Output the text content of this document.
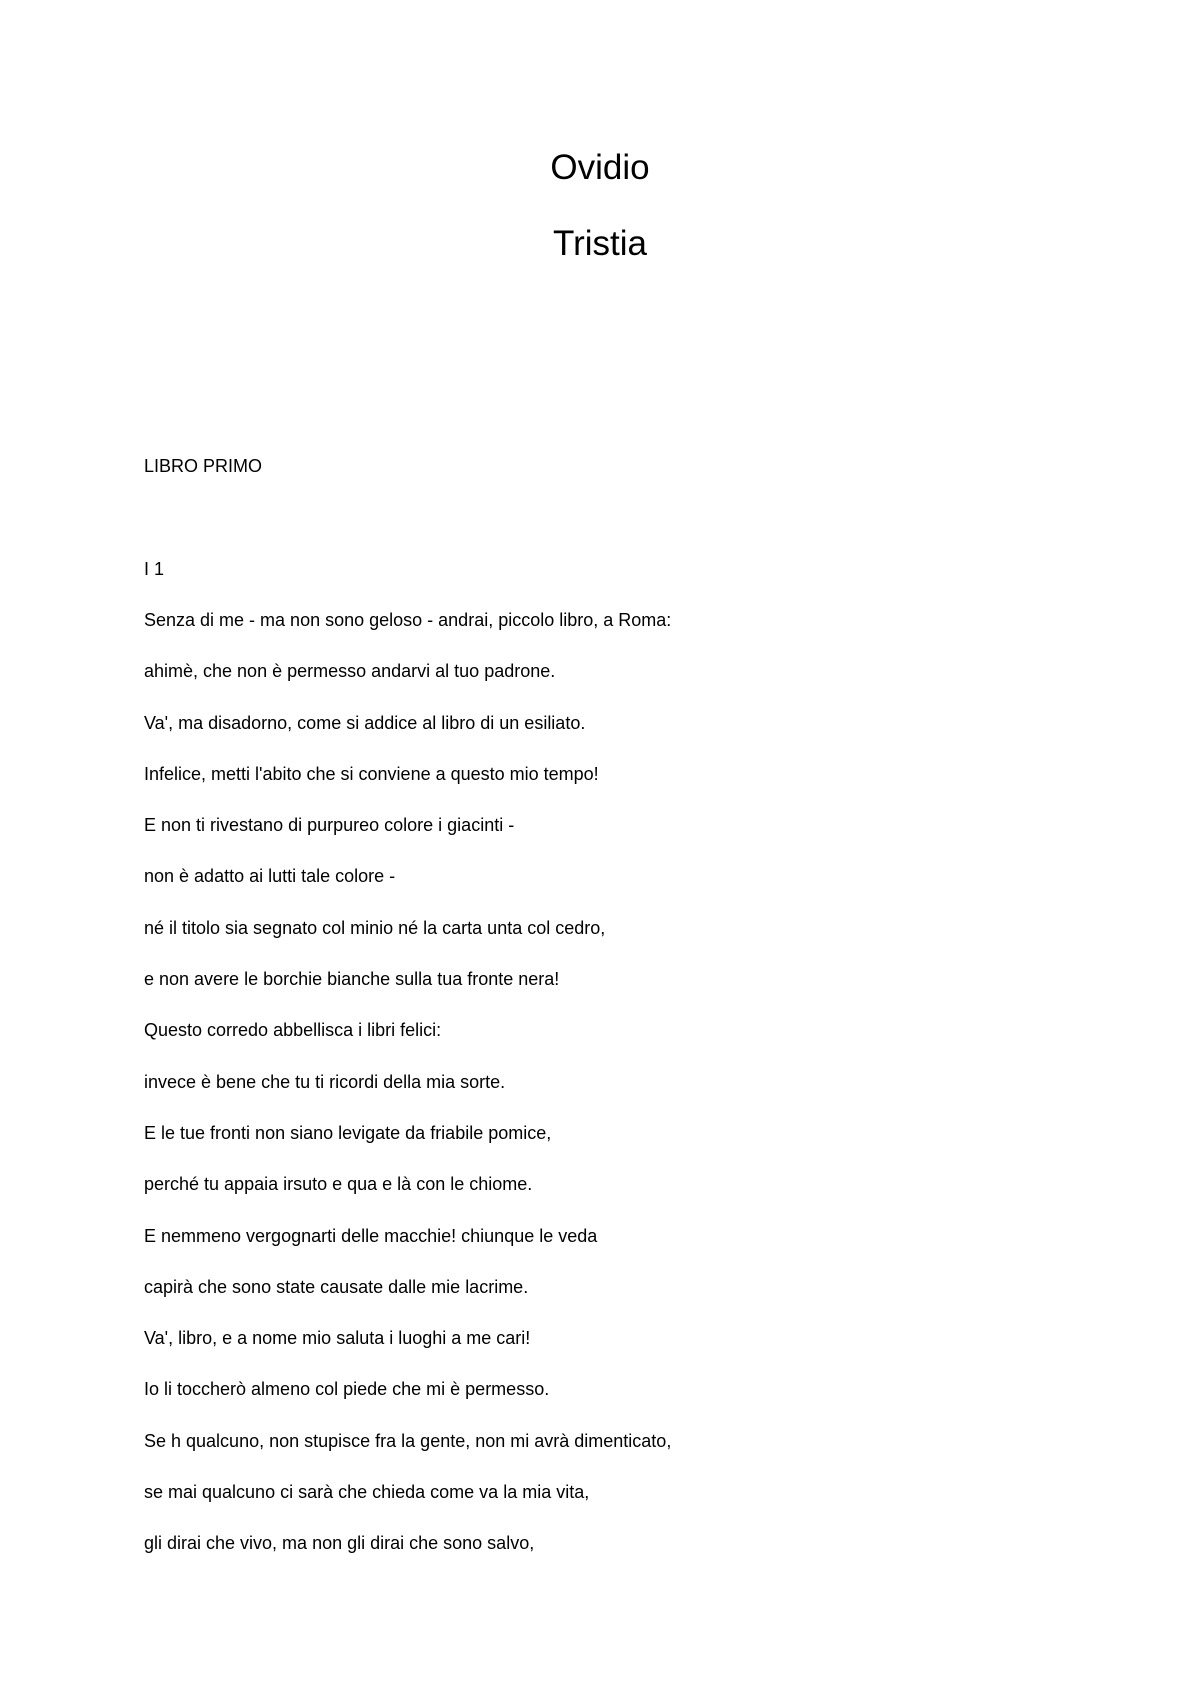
Ovidio
Tristia
LIBRO PRIMO
I 1
Senza di me - ma non sono geloso - andrai, piccolo libro, a Roma:
ahimè, che non è permesso andarvi al tuo padrone.
Va', ma disadorno, come si addice al libro di un esiliato.
Infelice, metti l'abito che si conviene a questo mio tempo!
E non ti rivestano di purpureo colore i giacinti -
non è adatto ai lutti tale colore -
né il titolo sia segnato col minio né la carta unta col cedro,
e non avere le borchie bianche sulla tua fronte nera!
Questo corredo abbellisca i libri felici:
invece è bene che tu ti ricordi della mia sorte.
E le tue fronti non siano levigate da friabile pomice,
perché tu appaia irsuto e qua e là con le chiome.
E nemmeno vergognarti delle macchie! chiunque le veda
capirà che sono state causate dalle mie lacrime.
Va', libro, e a nome mio saluta i luoghi a me cari!
Io li toccherò almeno col piede che mi è permesso.
Se h qualcuno, non stupisce fra la gente, non mi avrà dimenticato,
se mai qualcuno ci sarà che chieda come va la mia vita,
gli dirai che vivo, ma non gli dirai che sono salvo,
